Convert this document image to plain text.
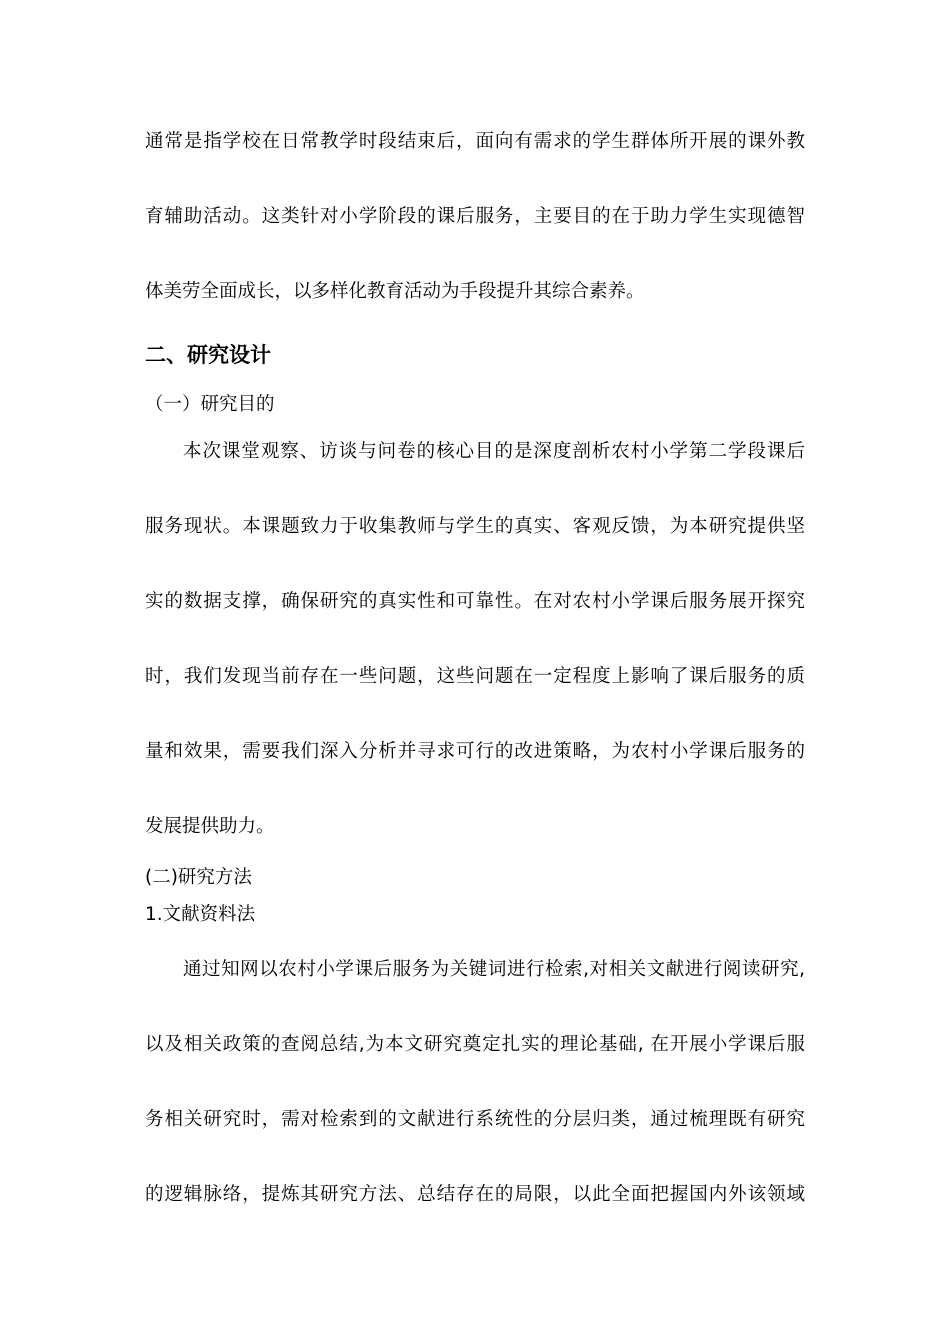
通常是指学校在日常教学时段结束后，面向有需求的学生群体所开展的课外教
育辅助活动。这类针对小学阶段的课后服务，主要目的在于助力学生实现德智
体美劳全面成长，以多样化教育活动为手段提升其综合素养。
二、研究设计
（一）研究目的
本次课堂观察、访谈与问卷的核心目的是深度剖析农村小学第二学段课后
服务现状。本课题致力于收集教师与学生的真实、客观反馈，为本研究提供坚
实的数据支撑，确保研究的真实性和可靠性。在对农村小学课后服务展开探究
时，我们发现当前存在一些问题，这些问题在一定程度上影响了课后服务的质
量和效果，需要我们深入分析并寻求可行的改进策略，为农村小学课后服务的
发展提供助力。
(二)研究方法
1.文献资料法
通过知网以农村小学课后服务为关键词进行检索,对相关文献进行阅读研究,
以及相关政策的查阅总结,为本文研究奠定扎实的理论基础, 在开展小学课后服
务相关研究时，需对检索到的文献进行系统性的分层归类，通过梳理既有研究
的逻辑脉络，提炼其研究方法、总结存在的局限，以此全面把握国内外该领域
